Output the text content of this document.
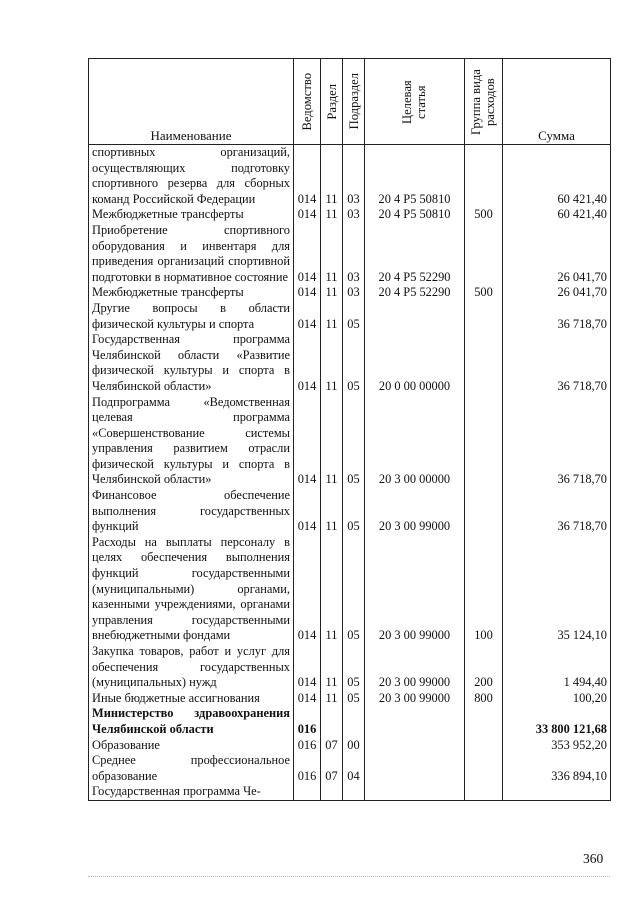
Наименование	Ведомство	Раздел	Подраздел	Целевая статья	Группа вида расходов	Сумма

спортивных организаций, осуществляющих подготовку спортивного резерва для сборных команд Российской Федерации	014	11	03	20 4 P5 50810		60 421,40
Межбюджетные трансферты	014	11	03	20 4 P5 50810	500	60 421,40
Приобретение спортивного оборудования и инвентаря для приведения организаций спортивной подготовки в нормативное состояние	014	11	03	20 4 P5 52290		26 041,70
Межбюджетные трансферты	014	11	03	20 4 P5 52290	500	26 041,70
Другие вопросы в области физической культуры и спорта	014	11	05			36 718,70
Государственная программа Челябинской области «Развитие физической культуры и спорта в Челябинской области»	014	11	05	20 0 00 00000		36 718,70
Подпрограмма «Ведомственная целевая программа «Совершенствование системы управления развитием отрасли физической культуры и спорта в Челябинской области»	014	11	05	20 3 00 00000		36 718,70
Финансовое обеспечение выполнения государственных функций	014	11	05	20 3 00 99000		36 718,70
Расходы на выплаты персоналу в целях обеспечения выполнения функций государственными (муниципальными) органами, казенными учреждениями, органами управления государственными внебюджетными фондами	014	11	05	20 3 00 99000	100	35 124,10
Закупка товаров, работ и услуг для обеспечения государственных (муниципальных) нужд	014	11	05	20 3 00 99000	200	1 494,40
Иные бюджетные ассигнования	014	11	05	20 3 00 99000	800	100,20
Министерство здравоохранения Челябинской области	016					33 800 121,68
Образование	016	07	00			353 952,20
Среднее профессиональное образование	016	07	04			336 894,10
Государственная программа Че-						
360
